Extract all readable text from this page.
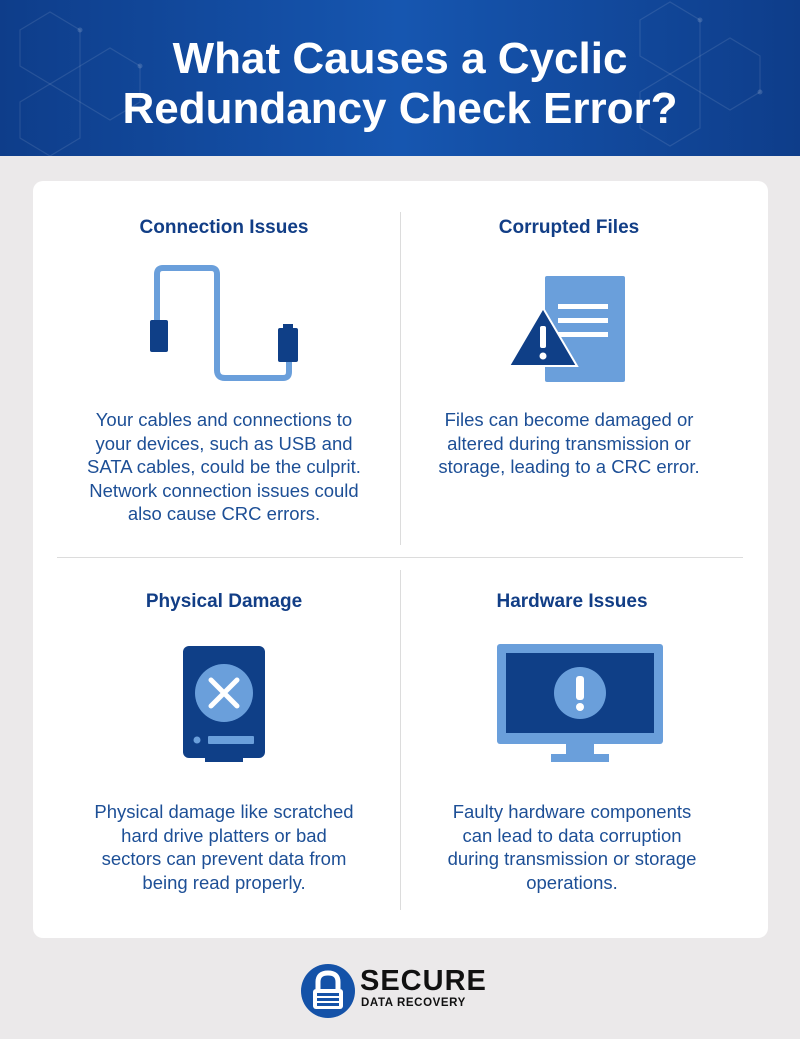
What Causes a Cyclic
Redundancy Check Error?
Connection Issues

Your cables and connections to

your devices, such as USB and

SATA cables, could be the culprit.

Network connection issues could

also cause CRC errors.

Corrupted Files

Files can become damaged or

altered during transmission or

storage, leading to a CRC error.

Physical Damage

Physical damage like scratched

hard drive platters or bad

sectors can prevent data from

being read properly.

Hardware Issues

Faulty hardware components

can lead to data corruption

during transmission or storage

operations.

SECURE
DATA RECOVERY
